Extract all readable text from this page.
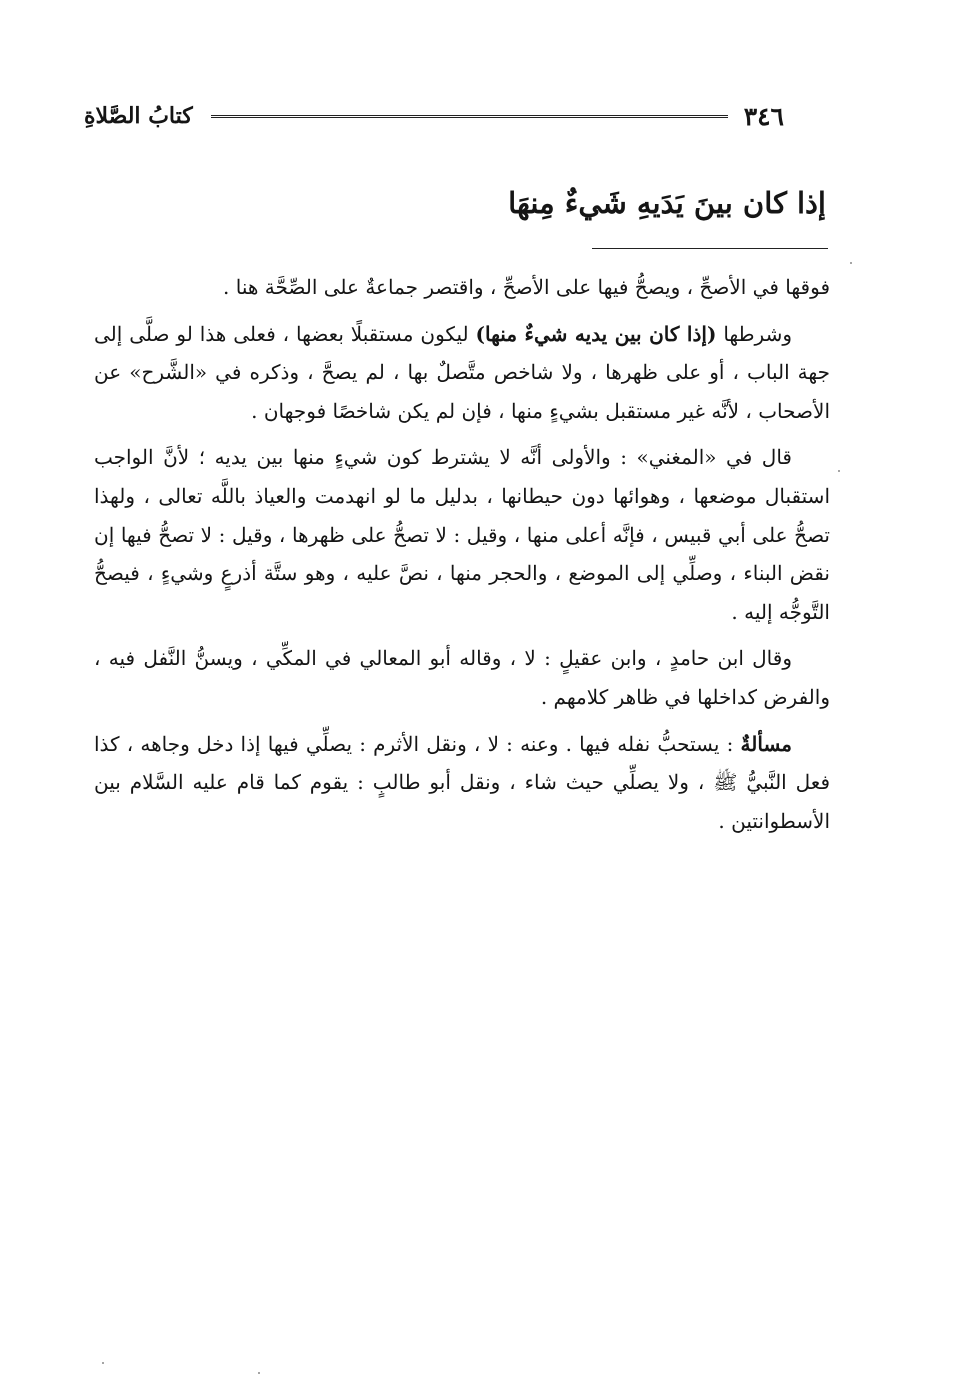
٣٤٦
كتابُ الصَّلاةِ
إذا كان بينَ يَدَيهِ شَيءٌ مِنهَا

فوقها في الأصحِّ ، ويصحُّ فيها على الأصحِّ ، واقتصر جماعةٌ على الصِّحَّة هنا .

وشرطها (إذا كان بين يديه شيءٌ منها) ليكون مستقبلًا بعضها ، فعلى هذا لو صلَّى إلى جهة الباب ، أو على ظهرها ، ولا شاخص متَّصلٌ بها ، لم يصحَّ ، وذكره في «الشَّرح» عن الأصحاب ، لأنَّه غير مستقبل بشيءٍ منها ، فإن لم يكن شاخصًا فوجهان .

قال في «المغني» : والأولى أنَّه لا يشترط كون شيءٍ منها بين يديه ؛ لأنَّ الواجب استقبال موضعها ، وهوائها دون حيطانها ، بدليل ما لو انهدمت والعياذ باللَّه تعالى ، ولهذا تصحُّ على أبي قبيس ، فإنَّه أعلى منها ، وقيل : لا تصحُّ على ظهرها ، وقيل : لا تصحُّ فيها إن نقض البناء ، وصلِّي إلى الموضع ، والحجر منها ، نصَّ عليه ، وهو ستَّة أذرعٍ وشيءٍ ، فيصحُّ التَّوجُّه إليه .

وقال ابن حامدٍ ، وابن عقيلٍ : لا ، وقاله أبو المعالي في المكِّي ، ويسنُّ النَّفل فيه ، والفرض كداخلها في ظاهر كلامهم .

مسألةٌ : يستحبُّ نفله فيها . وعنه : لا ، ونقل الأثرم : يصلِّي فيها إذا دخل وجاهه ، كذا فعل النَّبيُّ ﷺ ، ولا يصلِّي حيث شاء ، ونقل أبو طالبٍ : يقوم كما قام عليه السَّلام بين الأسطوانتين .
